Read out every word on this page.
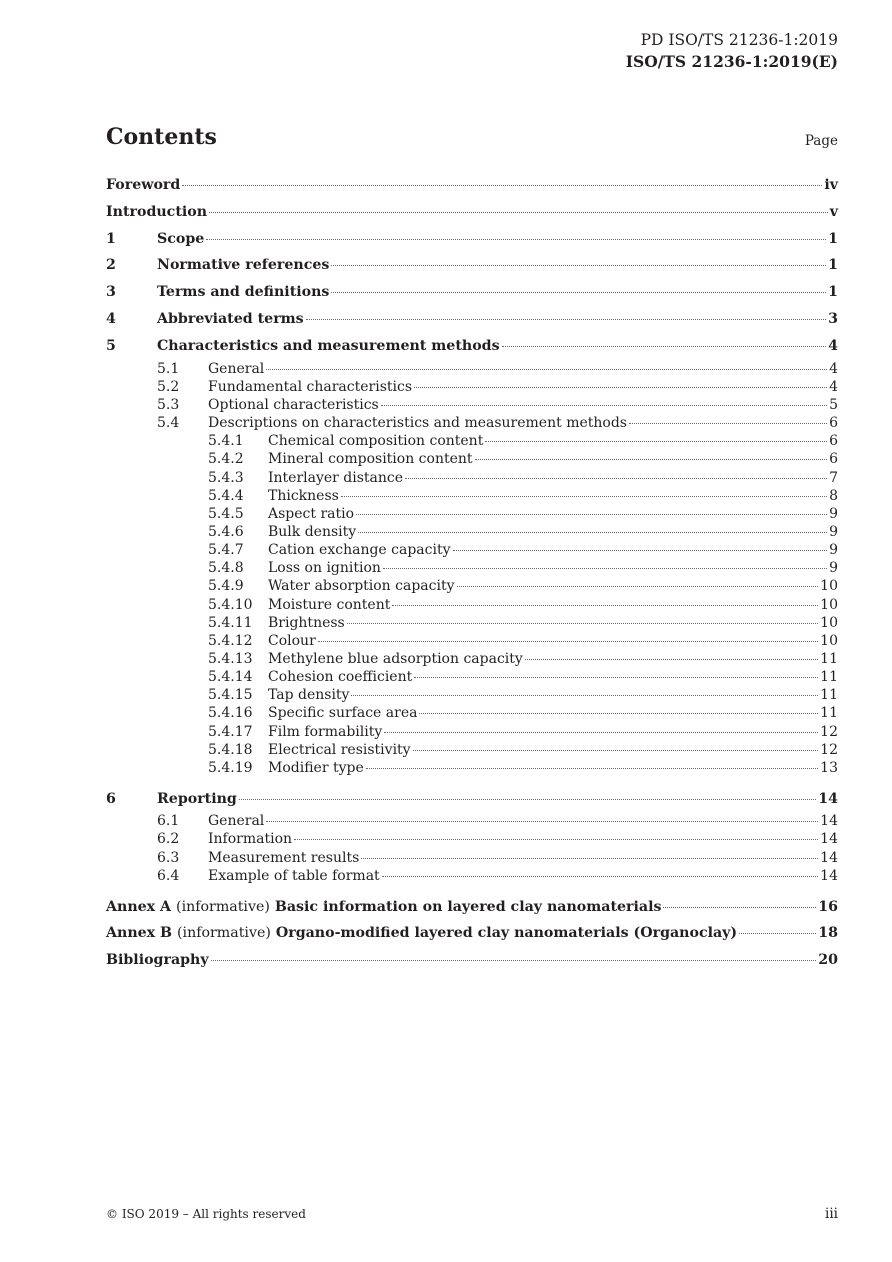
PD ISO/TS 21236-1:2019
ISO/TS 21236-1:2019(E)
Contents	Page
Foreword	iv
Introduction	v
1	Scope	1
2	Normative references	1
3	Terms and definitions	1
4	Abbreviated terms	3
5	Characteristics and measurement methods	4
5.1	General	4
5.2	Fundamental characteristics	4
5.3	Optional characteristics	5
5.4	Descriptions on characteristics and measurement methods	6
5.4.1	Chemical composition content	6
5.4.2	Mineral composition content	6
5.4.3	Interlayer distance	7
5.4.4	Thickness	8
5.4.5	Aspect ratio	9
5.4.6	Bulk density	9
5.4.7	Cation exchange capacity	9
5.4.8	Loss on ignition	9
5.4.9	Water absorption capacity	10
5.4.10	Moisture content	10
5.4.11	Brightness	10
5.4.12	Colour	10
5.4.13	Methylene blue adsorption capacity	11
5.4.14	Cohesion coefficient	11
5.4.15	Tap density	11
5.4.16	Specific surface area	11
5.4.17	Film formability	12
5.4.18	Electrical resistivity	12
5.4.19	Modifier type	13
6	Reporting	14
6.1	General	14
6.2	Information	14
6.3	Measurement results	14
6.4	Example of table format	14
Annex A (informative) Basic information on layered clay nanomaterials	16
Annex B (informative) Organo-modified layered clay nanomaterials (Organoclay)	18
Bibliography	20
© ISO 2019 – All rights reserved	iii
